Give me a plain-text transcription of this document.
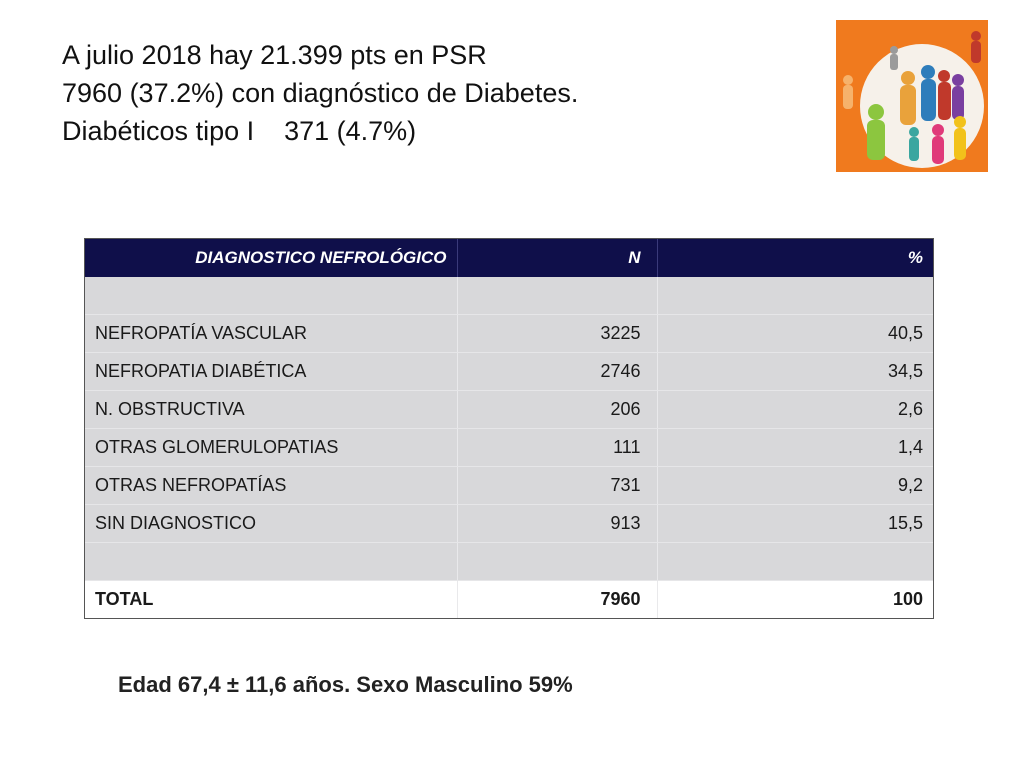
A julio 2018 hay 21.399 pts en PSR
7960 (37.2%) con diagnóstico de Diabetes.
Diabéticos tipo I    371 (4.7%)
DIAGNOSTICO NEFROLÓGICO	N	%

NEFROPATÍA VASCULAR	3225	40,5
NEFROPATIA DIABÉTICA	2746	34,5
N. OBSTRUCTIVA	206	2,6
OTRAS GLOMERULOPATIAS	111	1,4
OTRAS NEFROPATÍAS	731	9,2
SIN DIAGNOSTICO	913	15,5

TOTAL	7960	100
Edad 67,4 ± 11,6 años. Sexo Masculino 59%
